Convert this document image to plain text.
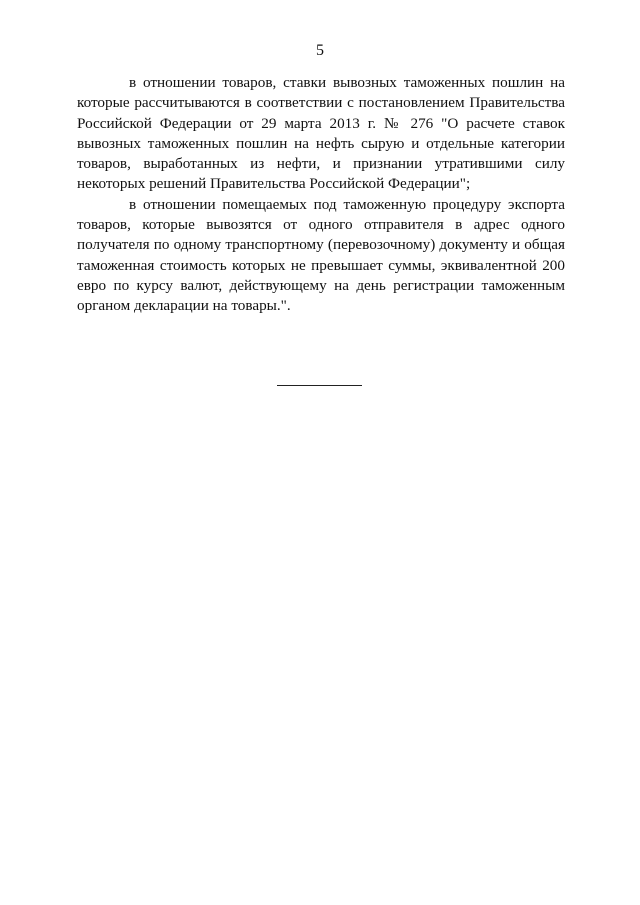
5

в отношении товаров, ставки вывозных таможенных пошлин на которые рассчитываются в соответствии с постановлением Правительства Российской Федерации от 29 марта 2013 г. № 276 "О расчете ставок вывозных таможенных пошлин на нефть сырую и отдельные категории товаров, выработанных из нефти, и признании утратившими силу некоторых решений Правительства Российской Федерации";

в отношении помещаемых под таможенную процедуру экспорта товаров, которые вывозятся от одного отправителя в адрес одного получателя по одному транспортному (перевозочному) документу и общая таможенная стоимость которых не превышает суммы, эквивалентной 200 евро по курсу валют, действующему на день регистрации таможенным органом декларации на товары.".
